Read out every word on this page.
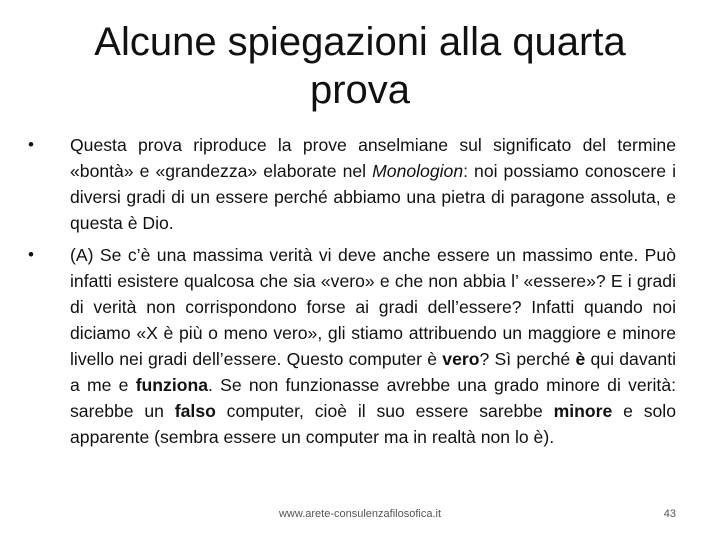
Alcune spiegazioni alla quarta prova
•	Questa prova riproduce la prove anselmiane sul significato del termine «bontà» e «grandezza» elaborate nel Monologion: noi possiamo conoscere i diversi gradi di un essere perché abbiamo una pietra di paragone assoluta, e questa è Dio.
•	(A) Se c’è una massima verità vi deve anche essere un massimo ente. Può infatti esistere qualcosa che sia «vero» e che non abbia l’ «essere»? E i gradi di verità non corrispondono forse ai gradi dell’essere? Infatti quando noi diciamo «X è più o meno vero», gli stiamo attribuendo un maggiore e minore livello nei gradi dell’essere. Questo computer è vero? Sì perché è qui davanti a me e funziona. Se non funzionasse avrebbe una grado minore di verità: sarebbe un falso computer, cioè il suo essere sarebbe minore e solo apparente (sembra essere un computer ma in realtà non lo è).
www.arete-consulenzafilosofica.it	43
